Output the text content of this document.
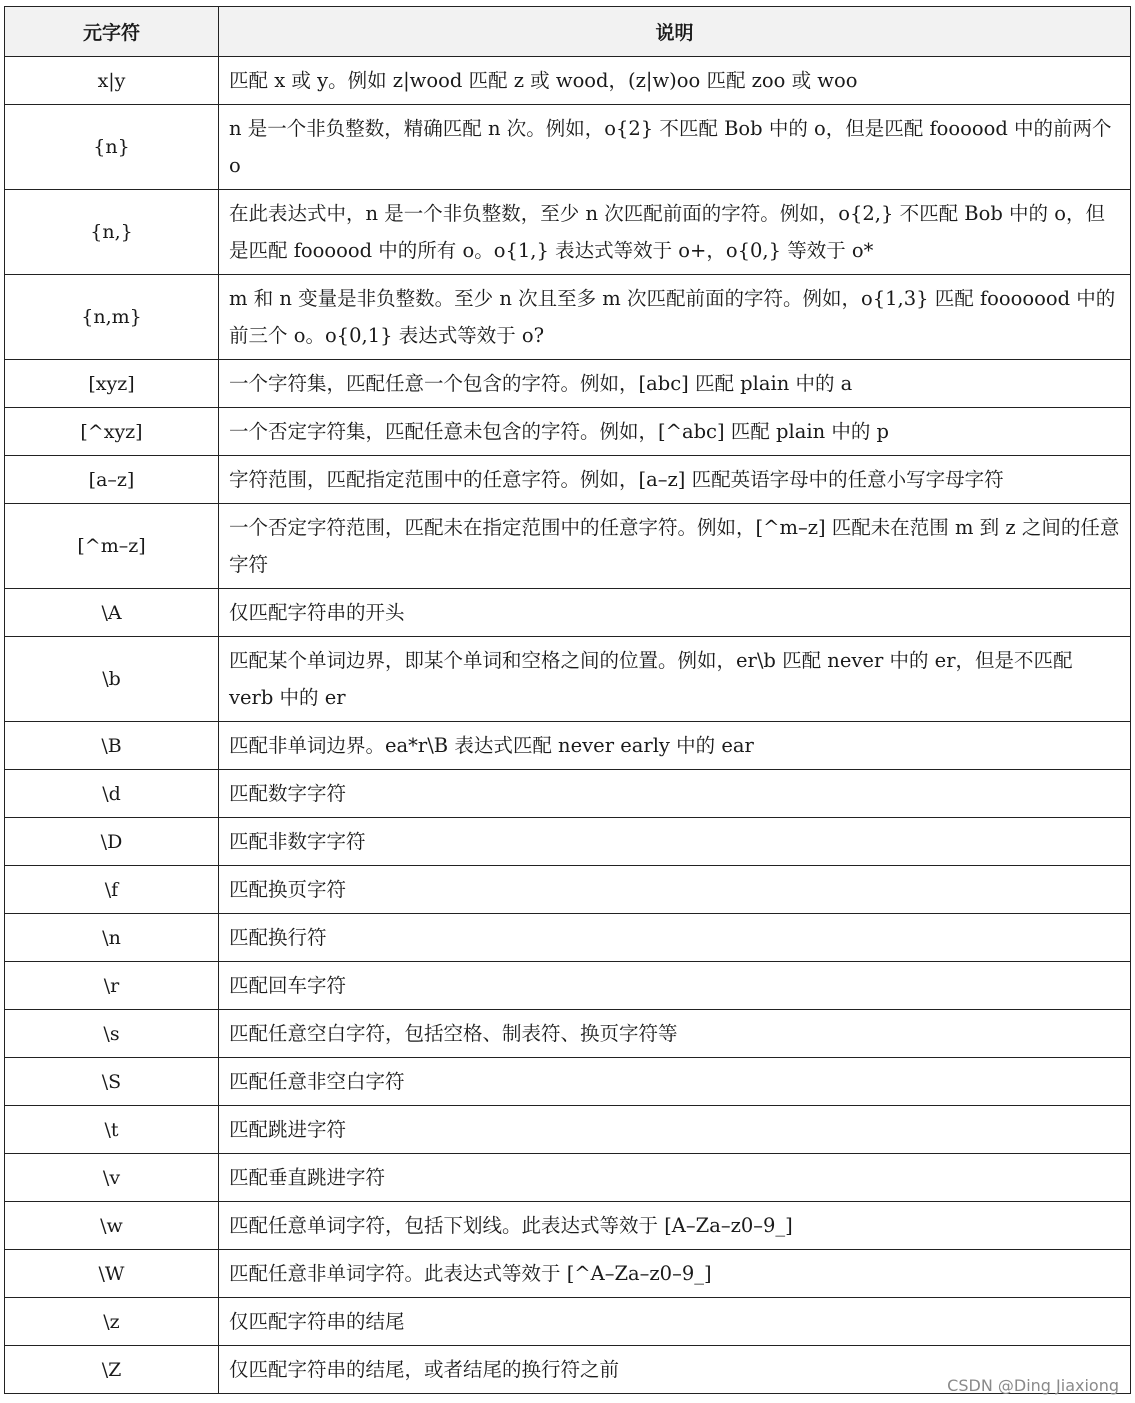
元字符	说明
x|y	匹配 x 或 y。例如 z|wood 匹配 z 或 wood，(z|w)oo 匹配 zoo 或 woo
{n}	n 是一个非负整数，精确匹配 n 次。例如，o{2} 不匹配 Bob 中的 o，但是匹配 foooood 中的前两个 o
{n,}	在此表达式中，n 是一个非负整数，至少 n 次匹配前面的字符。例如，o{2,} 不匹配 Bob 中的 o，但是匹配 foooood 中的所有 o。o{1,} 表达式等效于 o+，o{0,} 等效于 o*
{n,m}	m 和 n 变量是非负整数。至少 n 次且至多 m 次匹配前面的字符。例如，o{1,3} 匹配 fooooood 中的前三个 o。o{0,1} 表达式等效于 o?
[xyz]	一个字符集，匹配任意一个包含的字符。例如，[abc] 匹配 plain 中的 a
[^xyz]	一个否定字符集，匹配任意未包含的字符。例如，[^abc] 匹配 plain 中的 p
[a–z]	字符范围，匹配指定范围中的任意字符。例如，[a–z] 匹配英语字母中的任意小写字母字符
[^m–z]	一个否定字符范围，匹配未在指定范围中的任意字符。例如，[^m–z] 匹配未在范围 m 到 z 之间的任意字符
\A	仅匹配字符串的开头
\b	匹配某个单词边界，即某个单词和空格之间的位置。例如，er\b 匹配 never 中的 er，但是不匹配 verb 中的 er
\B	匹配非单词边界。ea*r\B 表达式匹配 never early 中的 ear
\d	匹配数字字符
\D	匹配非数字字符
\f	匹配换页字符
\n	匹配换行符
\r	匹配回车字符
\s	匹配任意空白字符，包括空格、制表符、换页字符等
\S	匹配任意非空白字符
\t	匹配跳进字符
\v	匹配垂直跳进字符
\w	匹配任意单词字符，包括下划线。此表达式等效于 [A–Za–z0–9_]
\W	匹配任意非单词字符。此表达式等效于 [^A–Za–z0–9_]
\z	仅匹配字符串的结尾
\Z	仅匹配字符串的结尾，或者结尾的换行符之前
CSDN @Ding Jiaxiong
